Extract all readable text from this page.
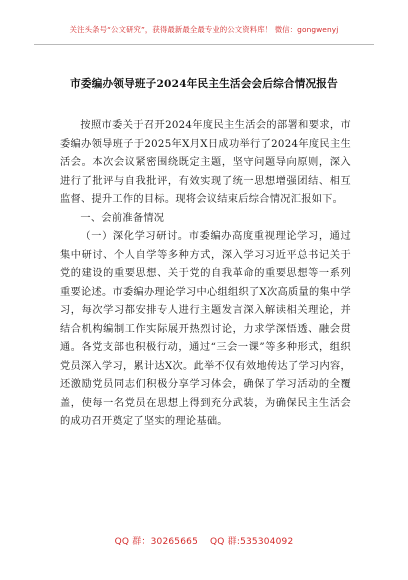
关注头条号“公文研究”，获得最新最全最专业的公文资料库！ 微信：gongwenyj
市委编办领导班子2024年民主生活会会后综合情况报告

按照市委关于召开2024年度民主生活会的部署和要求，市委编办领导班子于2025年X月X日成功举行了2024年度民主生活会。本次会议紧密围绕既定主题，坚守问题导向原则，深入进行了批评与自我批评，有效实现了统一思想增强团结、相互监督、提升工作的目标。现将会议结束后综合情况汇报如下。

一、会前准备情况

（一）深化学习研讨。市委编办高度重视理论学习，通过集中研讨、个人自学等多种方式，深入学习习近平总书记关于党的建设的重要思想、关于党的自我革命的重要思想等一系列重要论述。市委编办理论学习中心组组织了X次高质量的集中学习，每次学习都安排专人进行主题发言深入解读相关理论，并结合机构编制工作实际展开热烈讨论，力求学深悟透、融会贯通。各党支部也积极行动，通过“三会一课”等多种形式，组织党员深入学习，累计达X次。此举不仅有效地传达了学习内容，还激励党员同志们积极分享学习体会，确保了学习活动的全覆盖，使每一名党员在思想上得到充分武装，为确保民主生活会的成功召开奠定了坚实的理论基础。

QQ 群：30265665 QQ 群:535304092
